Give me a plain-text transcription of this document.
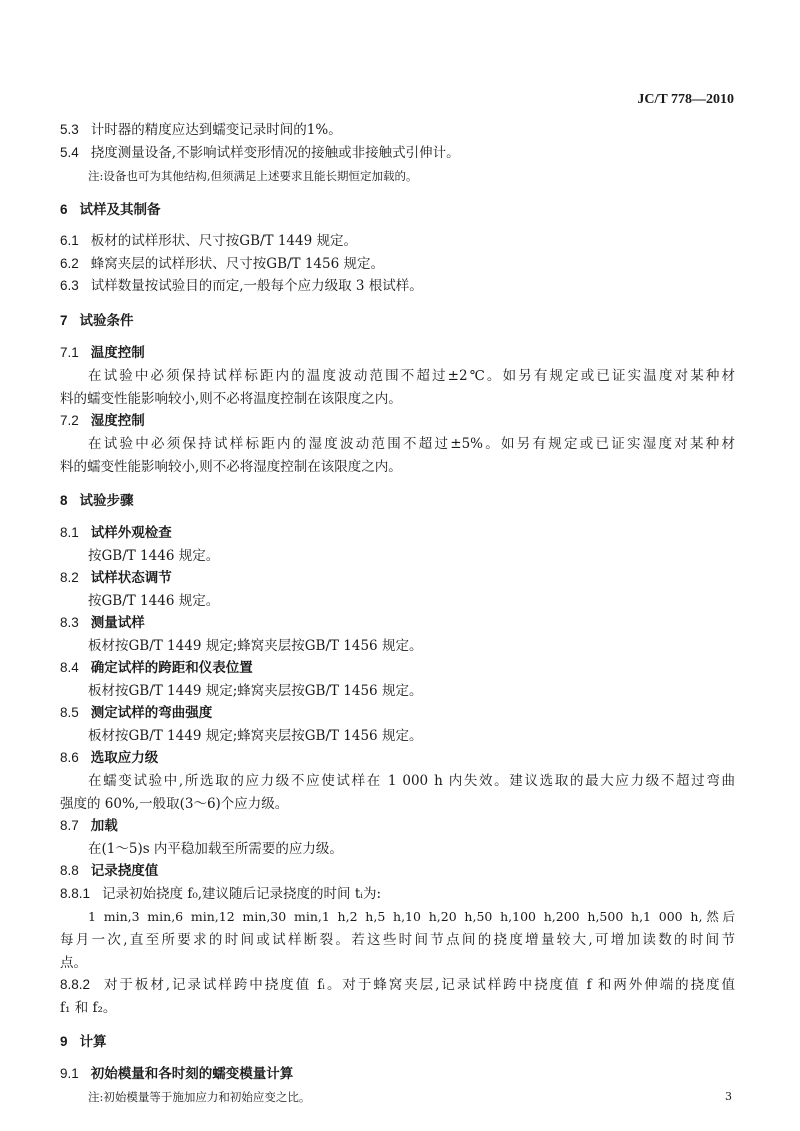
JC/T 778—2010
5.3 计时器的精度应达到蠕变记录时间的1%。
5.4 挠度测量设备,不影响试样变形情况的接触或非接触式引伸计。
注:设备也可为其他结构,但须满足上述要求且能长期恒定加载的。
6 试样及其制备
6.1 板材的试样形状、尺寸按GB/T 1449 规定。
6.2 蜂窝夹层的试样形状、尺寸按GB/T 1456 规定。
6.3 试样数量按试验目的而定,一般每个应力级取 3 根试样。
7 试验条件
7.1 温度控制
在试验中必须保持试样标距内的温度波动范围不超过±2℃。如另有规定或已证实温度对某种材
料的蠕变性能影响较小,则不必将温度控制在该限度之内。
7.2 湿度控制
在试验中必须保持试样标距内的湿度波动范围不超过±5%。如另有规定或已证实湿度对某种材
料的蠕变性能影响较小,则不必将湿度控制在该限度之内。
8 试验步骤
8.1 试样外观检查
按GB/T 1446 规定。
8.2 试样状态调节
按GB/T 1446 规定。
8.3 测量试样
板材按GB/T 1449 规定;蜂窝夹层按GB/T 1456 规定。
8.4 确定试样的跨距和仪表位置
板材按GB/T 1449 规定;蜂窝夹层按GB/T 1456 规定。
8.5 测定试样的弯曲强度
板材按GB/T 1449 规定;蜂窝夹层按GB/T 1456 规定。
8.6 选取应力级
在蠕变试验中,所选取的应力级不应使试样在 1 000 h 内失效。建议选取的最大应力级不超过弯曲
强度的 60%,一般取(3～6)个应力级。
8.7 加载
在(1～5)s 内平稳加载至所需要的应力级。
8.8 记录挠度值
8.8.1 记录初始挠度 f₀,建议随后记录挠度的时间 tᵢ为:
1 min,3 min,6 min,12 min,30 min,1 h,2 h,5 h,10 h,20 h,50 h,100 h,200 h,500 h,1 000 h,然后
每月一次,直至所要求的时间或试样断裂。若这些时间节点间的挠度增量较大,可增加读数的时间节
点。
8.8.2 对于板材,记录试样跨中挠度值 fᵢ。对于蜂窝夹层,记录试样跨中挠度值 f 和两外伸端的挠度值
f₁ 和 f₂。
9 计算
9.1 初始模量和各时刻的蠕变模量计算
注:初始模量等于施加应力和初始应变之比。	3
